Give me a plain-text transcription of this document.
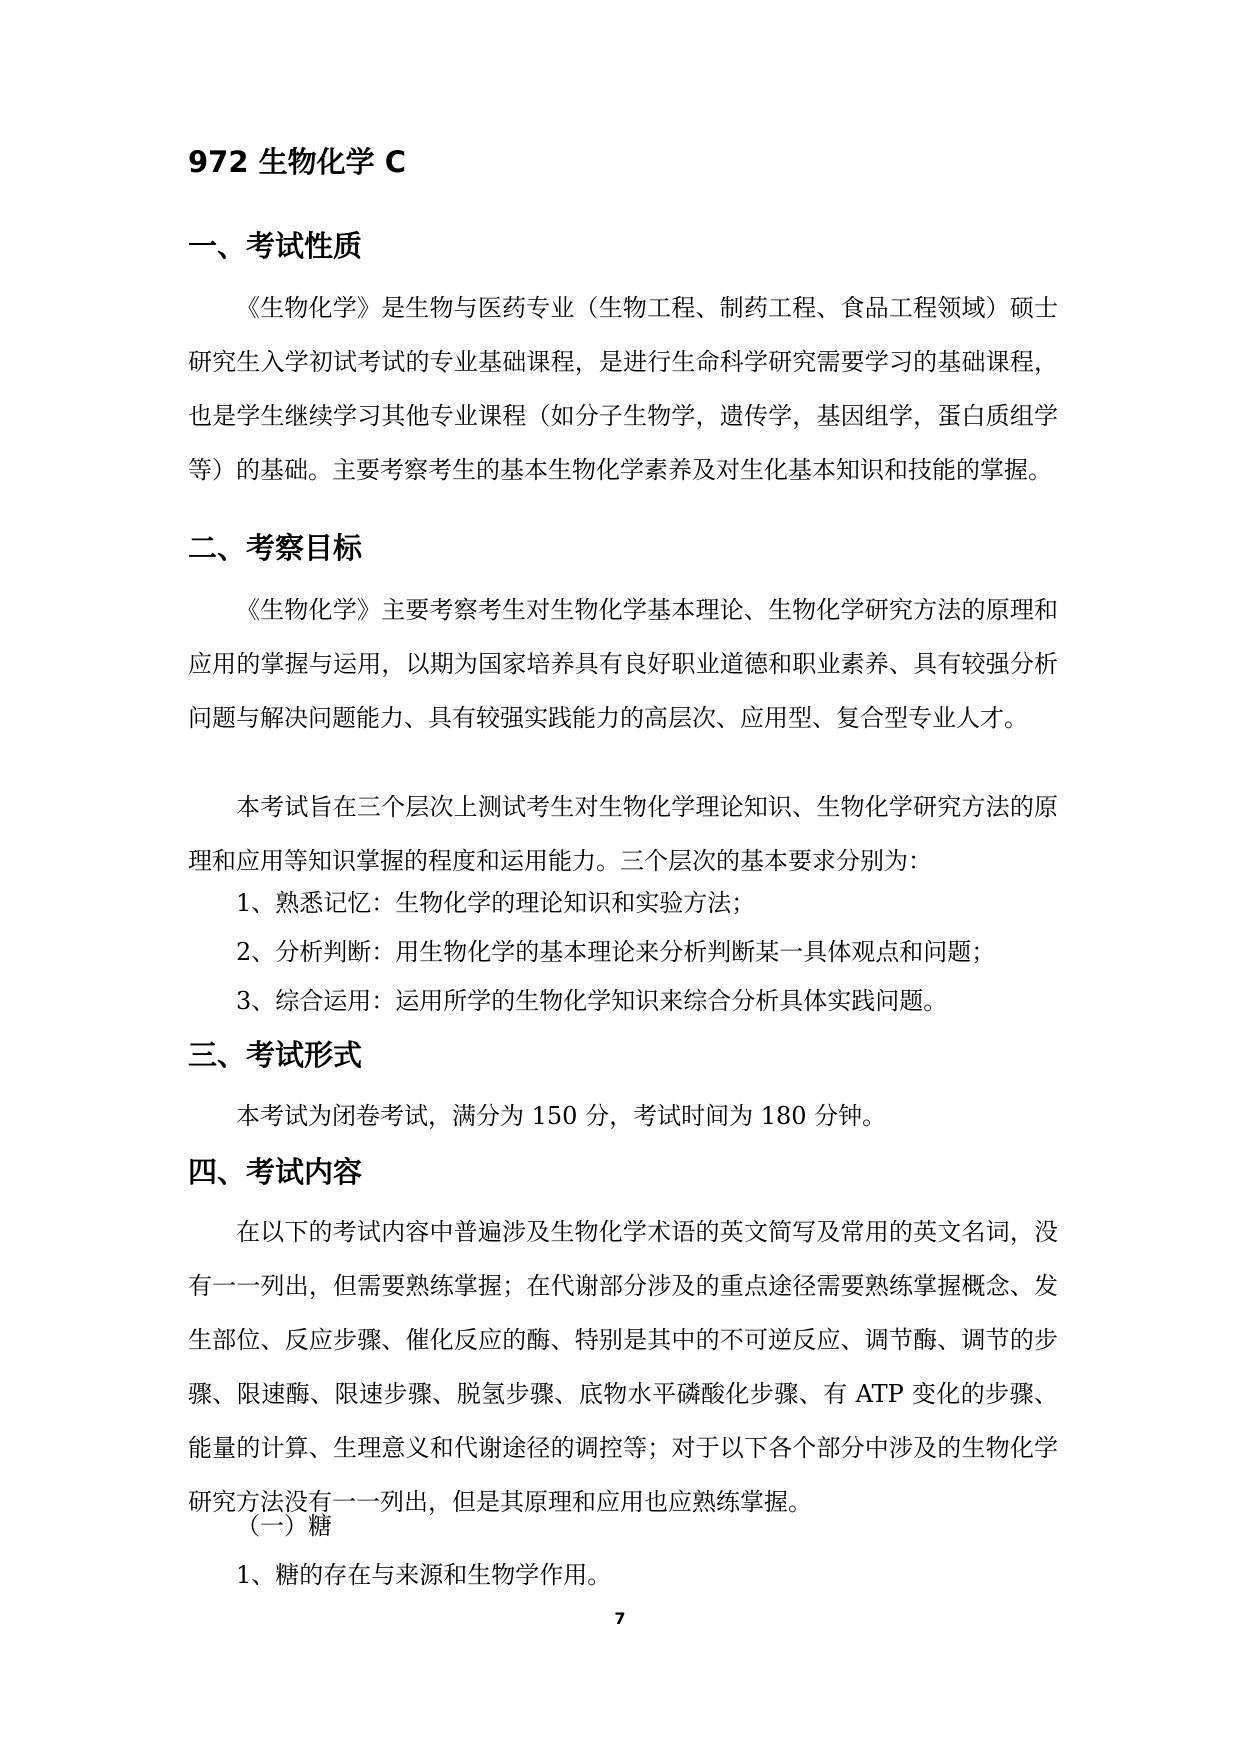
972 生物化学 C
一、考试性质
《生物化学》是生物与医药专业（生物工程、制药工程、食品工程领域）硕士研究生入学初试考试的专业基础课程，是进行生命科学研究需要学习的基础课程，也是学生继续学习其他专业课程（如分子生物学，遗传学，基因组学，蛋白质组学等）的基础。主要考察考生的基本生物化学素养及对生化基本知识和技能的掌握。
二、考察目标
《生物化学》主要考察考生对生物化学基本理论、生物化学研究方法的原理和应用的掌握与运用，以期为国家培养具有良好职业道德和职业素养、具有较强分析问题与解决问题能力、具有较强实践能力的高层次、应用型、复合型专业人才。
本考试旨在三个层次上测试考生对生物化学理论知识、生物化学研究方法的原理和应用等知识掌握的程度和运用能力。三个层次的基本要求分别为：
1、熟悉记忆：生物化学的理论知识和实验方法；
2、分析判断：用生物化学的基本理论来分析判断某一具体观点和问题；
3、综合运用：运用所学的生物化学知识来综合分析具体实践问题。
三、考试形式
本考试为闭卷考试，满分为 150 分，考试时间为 180 分钟。
四、考试内容
在以下的考试内容中普遍涉及生物化学术语的英文简写及常用的英文名词，没有一一列出，但需要熟练掌握；在代谢部分涉及的重点途径需要熟练掌握概念、发生部位、反应步骤、催化反应的酶、特别是其中的不可逆反应、调节酶、调节的步骤、限速酶、限速步骤、脱氢步骤、底物水平磷酸化步骤、有 ATP 变化的步骤、能量的计算、生理意义和代谢途径的调控等；对于以下各个部分中涉及的生物化学研究方法没有一一列出，但是其原理和应用也应熟练掌握。
（一）糖
1、糖的存在与来源和生物学作用。
7
